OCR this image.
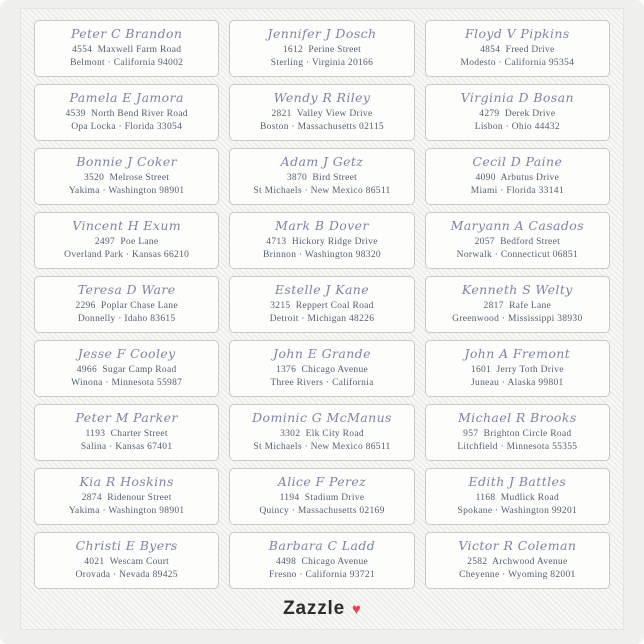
Peter C Brandon
4554  Maxwell Farm Road
Belmont · California 94002
Jennifer J Dosch
1612  Perine Street
Sterling · Virginia 20166
Floyd V Pipkins
4854  Freed Drive
Modesto · California 95354
Pamela E Jamora
4539  North Bend River Road
Opa Locka · Florida 33054
Wendy R Riley
2821  Valley View Drive
Boston · Massachusetts 02115
Virginia D Bosan
4279  Derek Drive
Lisbon · Ohio 44432
Bonnie J Coker
3520  Melrose Street
Yakima · Washington 98901
Adam J Getz
3870  Bird Street
St Michaels · New Mexico 86511
Cecil D Paine
4090  Arbutus Drive
Miami · Florida 33141
Vincent H Exum
2497  Poe Lane
Overland Park · Kansas 66210
Mark B Dover
4713  Hickory Ridge Drive
Brinnon · Washington 98320
Maryann A Casados
2057  Bedford Street
Norwalk · Connecticut 06851
Teresa D Ware
2296  Poplar Chase Lane
Donnelly · Idaho 83615
Estelle J Kane
3215  Reppert Coal Road
Detroit · Michigan 48226
Kenneth S Welty
2817  Rafe Lane
Greenwood · Mississippi 38930
Jesse F Cooley
4966  Sugar Camp Road
Winona · Minnesota 55987
John E Grande
1376  Chicago Avenue
Three Rivers · California
John A Fremont
1601  Jerry Toth Drive
Juneau · Alaska 99801
Peter M Parker
1193  Charter Street
Salina · Kansas 67401
Dominic G McManus
3302  Elk City Road
St Michaels · New Mexico 86511
Michael R Brooks
957  Brighton Circle Road
Litchfield · Minnesota 55355
Kia R Hoskins
2874  Ridenour Street
Yakima · Washington 98901
Alice F Perez
1194  Stadium Drive
Quincy · Massachusetts 02169
Edith J Battles
1168  Mudlick Road
Spokane · Washington 99201
Christi E Byers
4021  Wescam Court
Orovada · Nevada 89425
Barbara C Ladd
4498  Chicago Avenue
Fresno · California 93721
Victor R Coleman
2582  Archwood Avenue
Cheyenne · Wyoming 82001
Zazzle ♥
